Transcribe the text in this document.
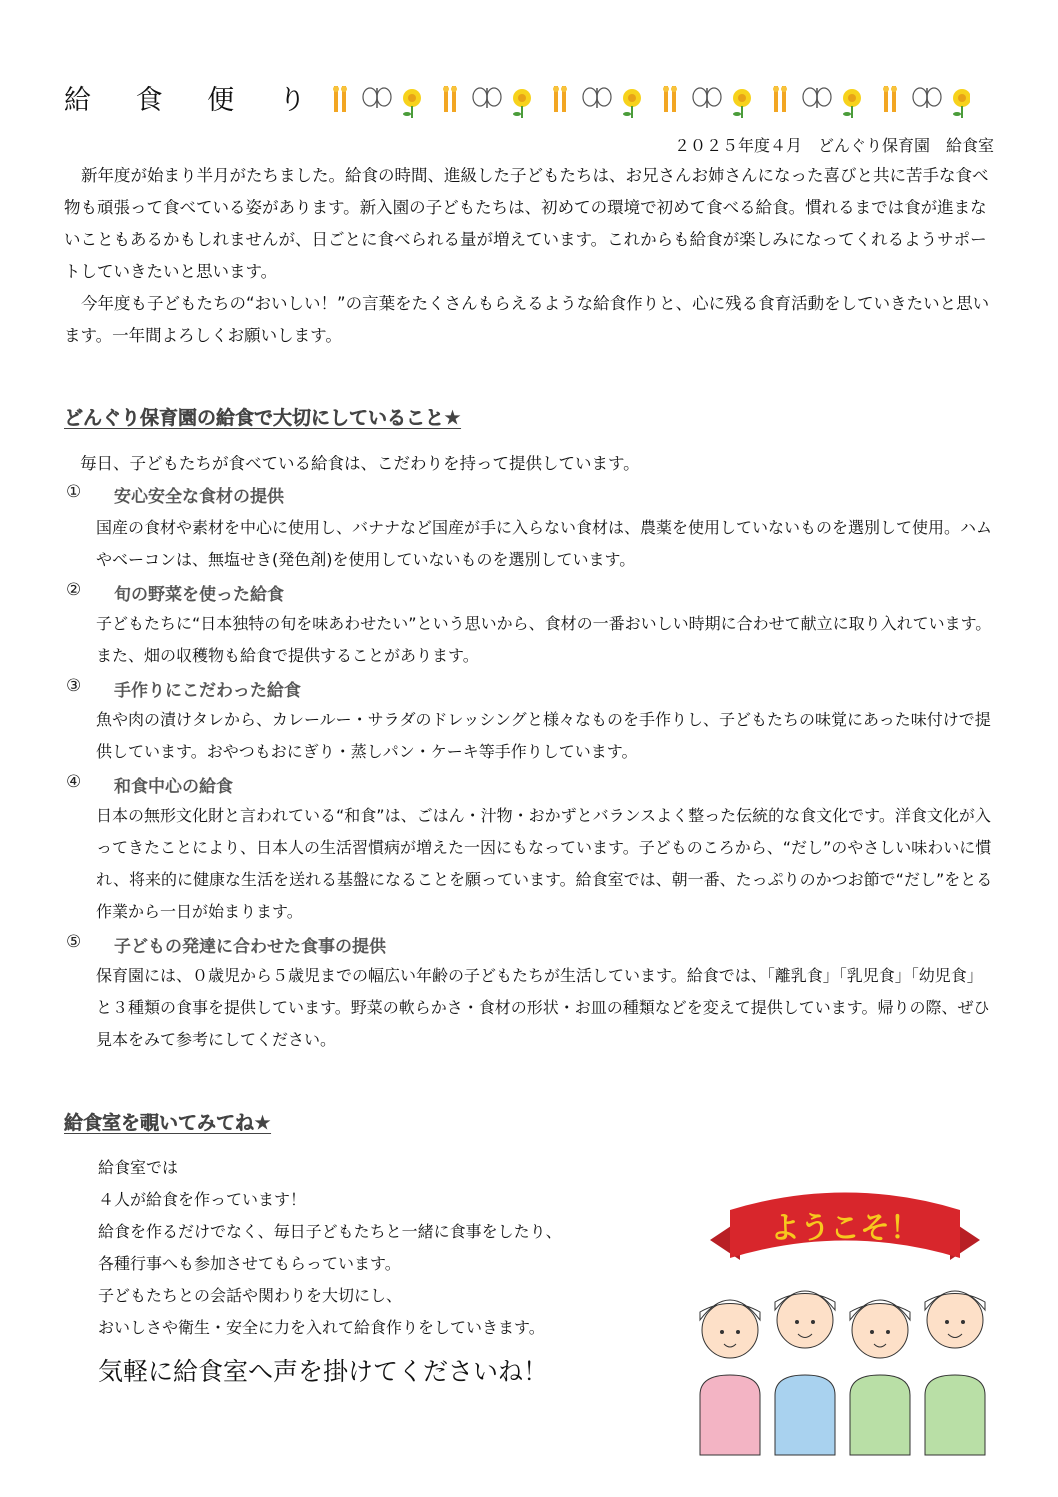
給 食 便 り
２０２５年度４月　どんぐり保育園　給食室
新年度が始まり半月がたちました。給食の時間、進級した子どもたちは、お兄さんお姉さんになった喜びと共に苦手な食べ物も頑張って食べている姿があります。新入園の子どもたちは、初めての環境で初めて食べる給食。慣れるまでは食が進まないこともあるかもしれませんが、日ごとに食べられる量が増えています。これからも給食が楽しみになってくれるようサポートしていきたいと思います。
今年度も子どもたちの“おいしい！”の言葉をたくさんもらえるような給食作りと、心に残る食育活動をしていきたいと思います。一年間よろしくお願いします。
どんぐり保育園の給食で大切にしていること★
毎日、子どもたちが食べている給食は、こだわりを持って提供しています。
①	安心安全な食材の提供
国産の食材や素材を中心に使用し、バナナなど国産が手に入らない食材は、農薬を使用していないものを選別して使用。ハムやベーコンは、無塩せき(発色剤)を使用していないものを選別しています。
②	旬の野菜を使った給食
子どもたちに“日本独特の旬を味あわせたい”という思いから、食材の一番おいしい時期に合わせて献立に取り入れています。また、畑の収穫物も給食で提供することがあります。
③	手作りにこだわった給食
魚や肉の漬けタレから、カレールー・サラダのドレッシングと様々なものを手作りし、子どもたちの味覚にあった味付けで提供しています。おやつもおにぎり・蒸しパン・ケーキ等手作りしています。
④	和食中心の給食
日本の無形文化財と言われている“和食”は、ごはん・汁物・おかずとバランスよく整った伝統的な食文化です。洋食文化が入ってきたことにより、日本人の生活習慣病が増えた一因にもなっています。子どものころから、“だし”のやさしい味わいに慣れ、将来的に健康な生活を送れる基盤になることを願っています。給食室では、朝一番、たっぷりのかつお節で“だし”をとる作業から一日が始まります。
⑤	子どもの発達に合わせた食事の提供
保育園には、０歳児から５歳児までの幅広い年齢の子どもたちが生活しています。給食では、「離乳食」「乳児食」「幼児食」と３種類の食事を提供しています。野菜の軟らかさ・食材の形状・お皿の種類などを変えて提供しています。帰りの際、ぜひ見本をみて参考にしてください。
給食室を覗いてみてね★
給食室では
４人が給食を作っています！
給食を作るだけでなく、毎日子どもたちと一緒に食事をしたり、
各種行事へも参加させてもらっています。
子どもたちとの会話や関わりを大切にし、
おいしさや衛生・安全に力を入れて給食作りをしていきます。
気軽に給食室へ声を掛けてくださいね！
ようこそ！
